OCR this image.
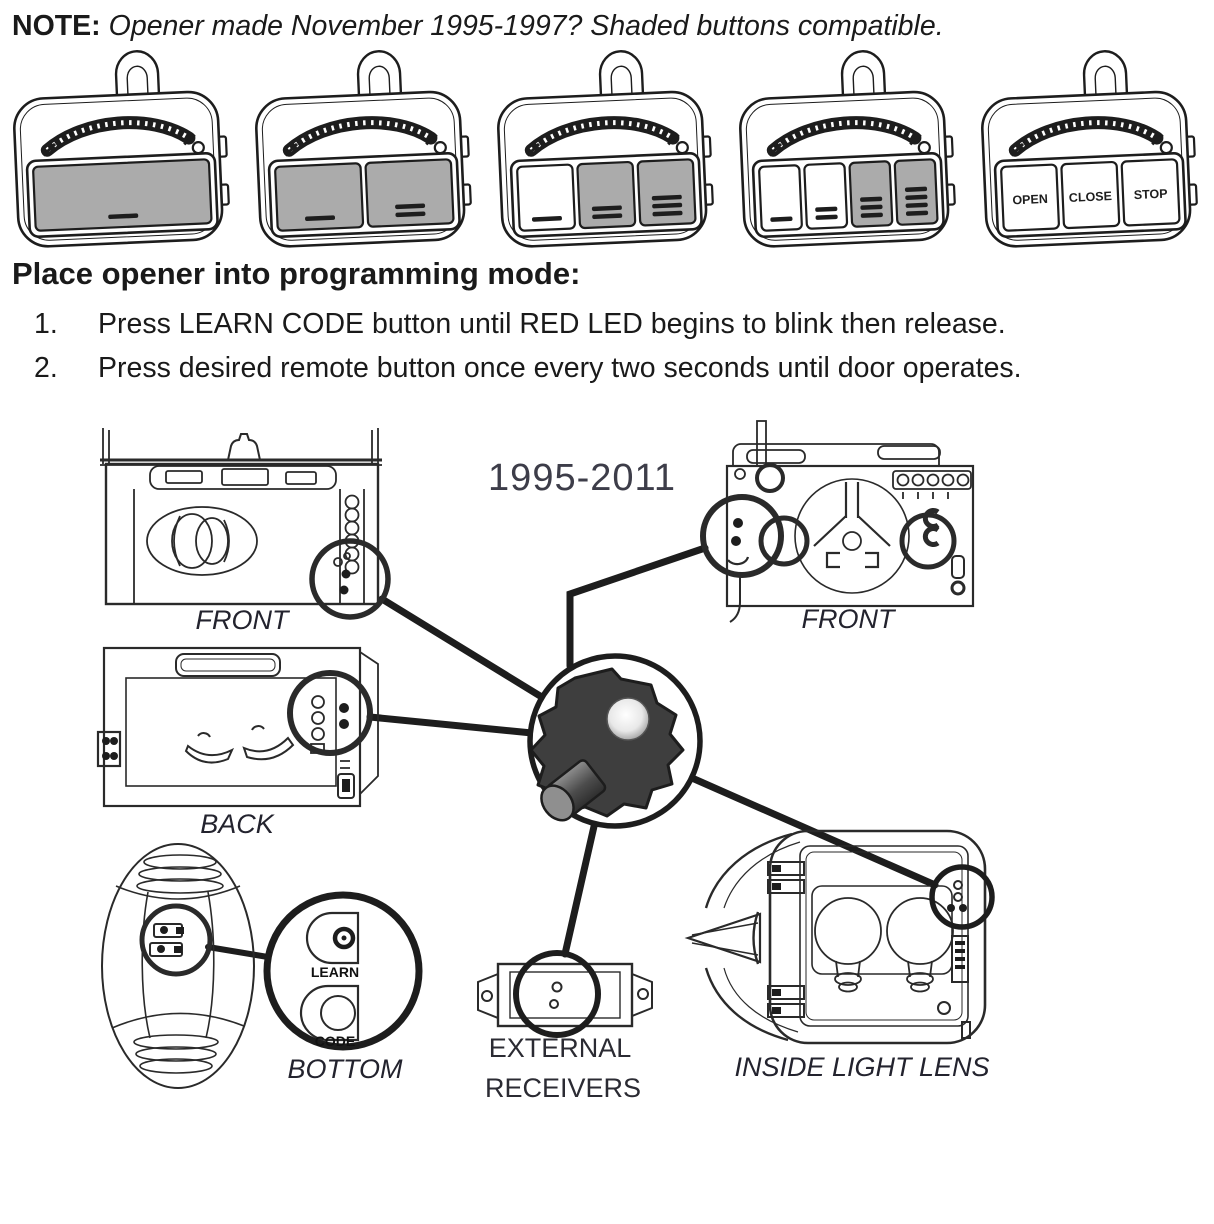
NOTE: Opener made November 1995-1997? Shaded buttons compatible.
OPEN CLOSE STOP
Place opener into programming mode:
1.	Press LEARN CODE button until RED LED begins to blink then release.
2.	Press desired remote button once every two seconds until door operates.
FRONT
1995-2011
FRONT
BACK
LEARN
CODE
BOTTOM
EXTERNAL
RECEIVERS
INSIDE LIGHT LENS
